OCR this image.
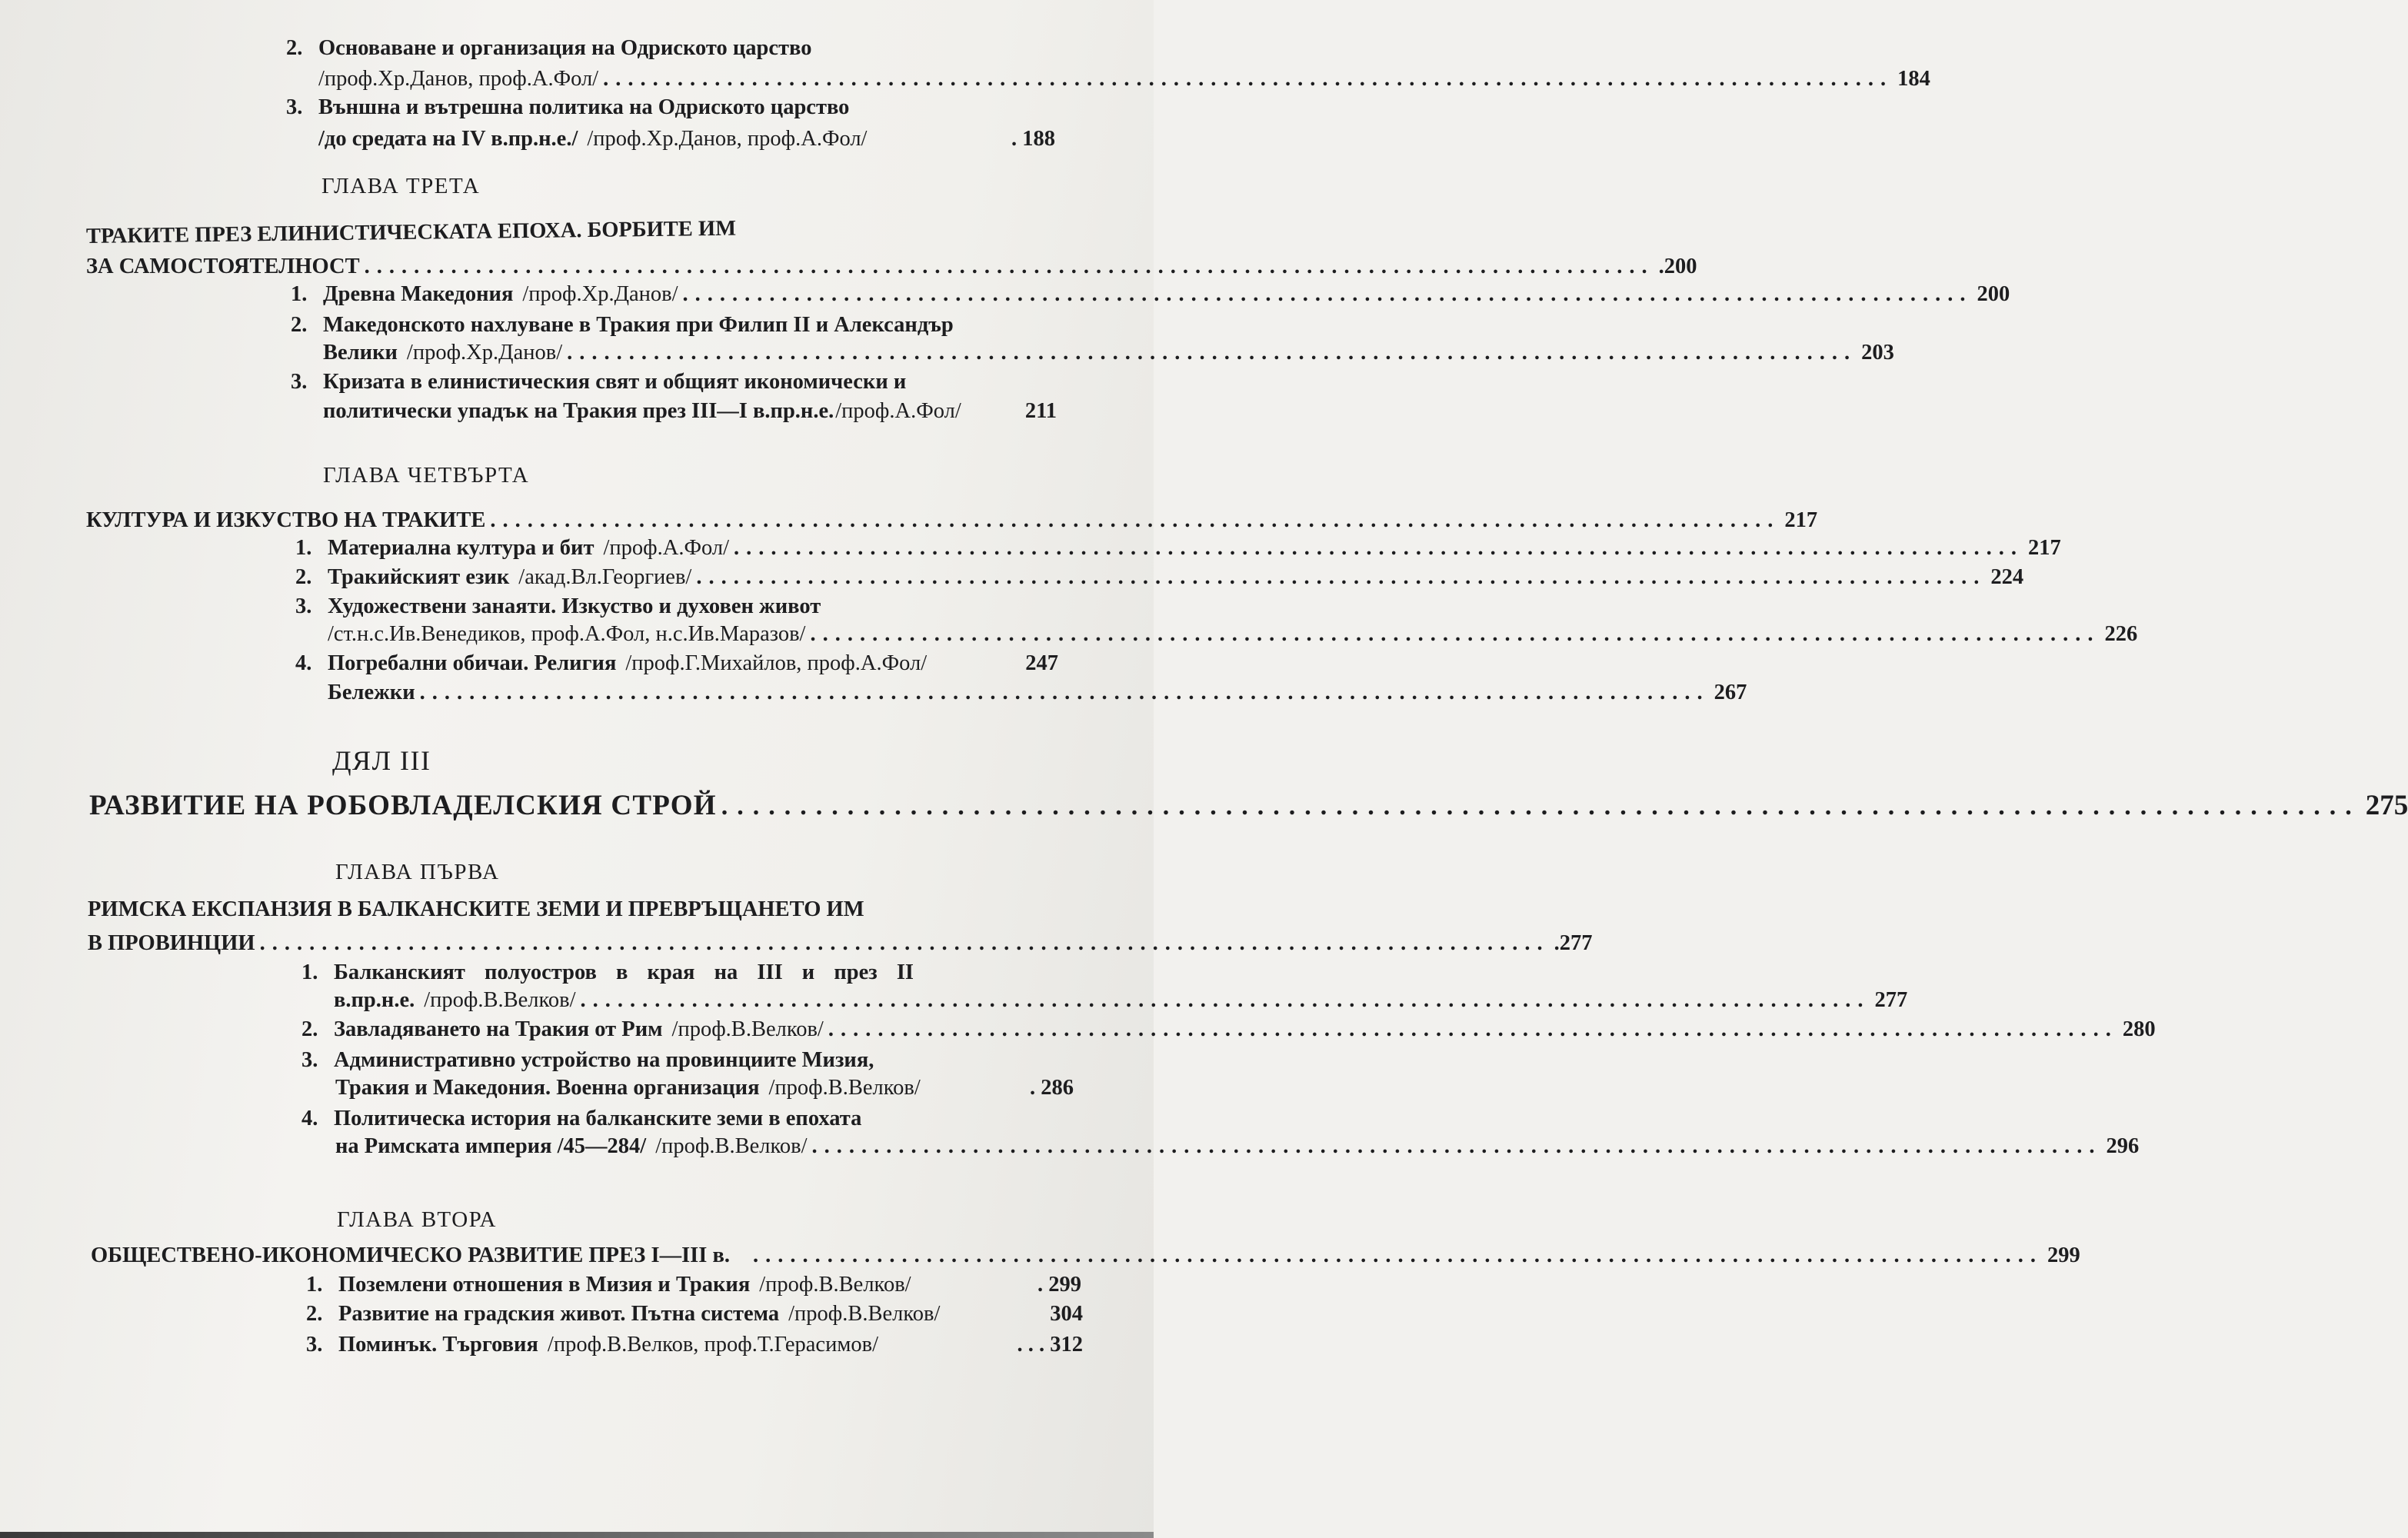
2. Основаване и организация на Одриското царство
/проф.Хр.Данов, проф.А.Фол/ ........................................................................................................ 184
3. Външна и вътрешна политика на Одриското царство
/до средата на IV в.пр.н.е./ /проф.Хр.Данов, проф.А.Фол/	. 188
ГЛАВА ТРЕТА
ТРАКИТЕ ПРЕЗ ЕЛИНИСТИЧЕСКАТА ЕПОХА. БОРБИТЕ ИМ
ЗА САМОСТОЯТЕЛНОСТ ........................................................................................................ .200
1. Древна Македония /проф.Хр.Данов/ ........................................................................................................ 200
2. Македонското нахлуване в Тракия при Филип II и Александър
Велики /проф.Хр.Данов/ ........................................................................................................ 203
3. Кризата в елинистическия свят и общият икономически и
политически упадък на Тракия през III—I в.пр.н.е. /проф.А.Фол/	211
ГЛАВА ЧЕТВЪРТА
КУЛТУРА И ИЗКУСТВО НА ТРАКИТЕ ........................................................................................................ 217
1. Материална култура и бит /проф.А.Фол/ ........................................................................................................ 217
2. Тракийският език /акад.Вл.Георгиев/ ........................................................................................................ 224
3. Художествени занаяти. Изкуство и духовен живот
/ст.н.с.Ив.Венедиков, проф.А.Фол, н.с.Ив.Маразов/ ........................................................................................................ 226
4. Погребални обичаи. Религия /проф.Г.Михайлов, проф.А.Фол/	247
Бележки ........................................................................................................ 267
ДЯЛ III
РАЗВИТИЕ НА РОБОВЛАДЕЛСКИЯ СТРОЙ ........................................................................................................ 275
ГЛАВА ПЪРВА
РИМСКА ЕКСПАНЗИЯ В БАЛКАНСКИТЕ ЗЕМИ И ПРЕВРЪЩАНЕТО ИМ
В ПРОВИНЦИИ ........................................................................................................ .277
1. Балканският полуостров в края на III и през II
в.пр.н.е. /проф.В.Велков/ ........................................................................................................ 277
2. Завладяването на Тракия от Рим /проф.В.Велков/ ........................................................................................................ 280
3. Административно устройство на провинциите Мизия,
Тракия и Македония. Военна организация /проф.В.Велков/	. 286
4. Политическа история на балканските земи в епохата
на Римската империя /45—284/ /проф.В.Велков/ ........................................................................................................ 296
ГЛАВА ВТОРА
ОБЩЕСТВЕНО-ИКОНОМИЧЕСКО РАЗВИТИЕ ПРЕЗ I—III в. ........................................................................................................ 299
1. Поземлени отношения в Мизия и Тракия /проф.В.Велков/	. 299
2. Развитие на градския живот. Пътна система /проф.В.Велков/	304
3. Поминък. Търговия /проф.В.Велков, проф.Т.Герасимов/	. . . 312
